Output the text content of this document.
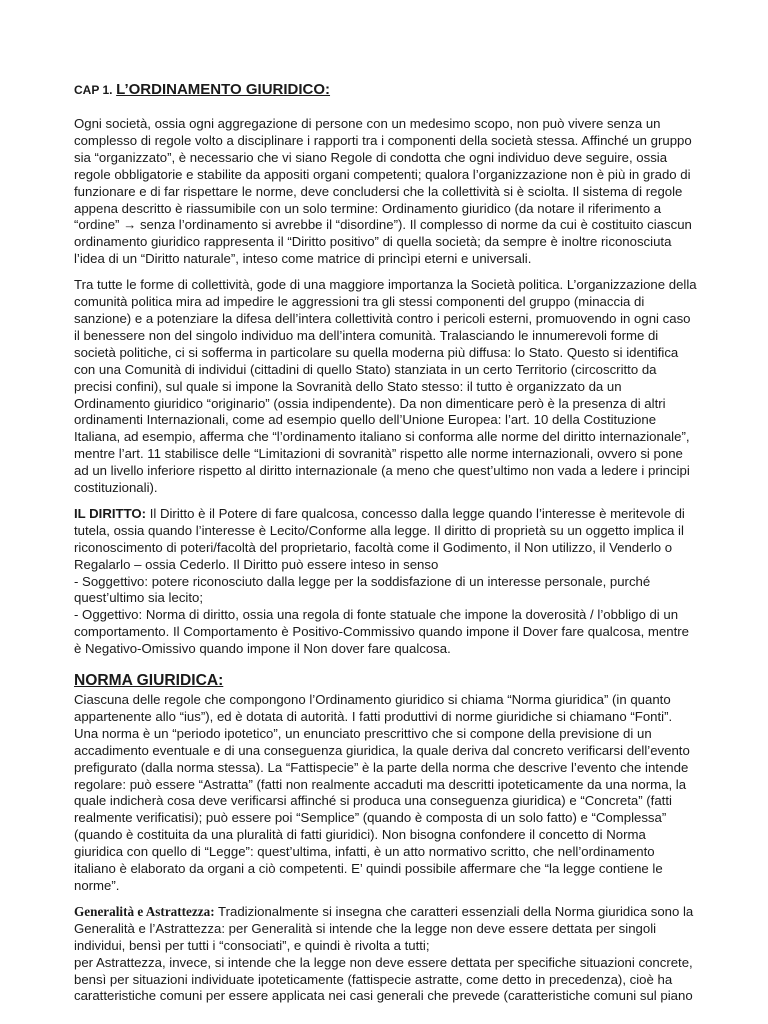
CAP 1. L’ORDINAMENTO GIURIDICO:

Ogni società, ossia ogni aggregazione di persone con un medesimo scopo, non può vivere senza un complesso di regole volto a disciplinare i rapporti tra i componenti della società stessa. Affinché un gruppo sia “organizzato”, è necessario che vi siano Regole di condotta che ogni individuo deve seguire, ossia regole obbligatorie e stabilite da appositi organi competenti; qualora l’organizzazione non è più in grado di funzionare e di far rispettare le norme, deve concludersi che la collettività si è sciolta. Il sistema di regole appena descritto è riassumibile con un solo termine: Ordinamento giuridico (da notare il riferimento a “ordine” → senza l’ordinamento si avrebbe il “disordine”). Il complesso di norme da cui è costituito ciascun ordinamento giuridico rappresenta il “Diritto positivo” di quella società; da sempre è inoltre riconosciuta l’idea di un “Diritto naturale”, inteso come matrice di princìpi eterni e universali.

Tra tutte le forme di collettività, gode di una maggiore importanza la Società politica. L’organizzazione della comunità politica mira ad impedire le aggressioni tra gli stessi componenti del gruppo (minaccia di sanzione) e a potenziare la difesa dell’intera collettività contro i pericoli esterni, promuovendo in ogni caso il benessere non del singolo individuo ma dell’intera comunità. Tralasciando le innumerevoli forme di società politiche, ci si sofferma in particolare su quella moderna più diffusa: lo Stato. Questo si identifica con una Comunità di individui (cittadini di quello Stato) stanziata in un certo Territorio (circoscritto da precisi confini), sul quale si impone la Sovranità dello Stato stesso: il tutto è organizzato da un Ordinamento giuridico “originario” (ossia indipendente). Da non dimenticare però è la presenza di altri ordinamenti Internazionali, come ad esempio quello dell’Unione Europea: l’art. 10 della Costituzione Italiana, ad esempio, afferma che “l’ordinamento italiano si conforma alle norme del diritto internazionale”, mentre l’art. 11 stabilisce delle “Limitazioni di sovranità” rispetto alle norme internazionali, ovvero si pone ad un livello inferiore rispetto al diritto internazionale (a meno che quest’ultimo non vada a ledere i principi costituzionali).

IL DIRITTO: Il Diritto è il Potere di fare qualcosa, concesso dalla legge quando l’interesse è meritevole di tutela, ossia quando l’interesse è Lecito/Conforme alla legge. Il diritto di proprietà su un oggetto implica il riconoscimento di poteri/facoltà del proprietario, facoltà come il Godimento, il Non utilizzo, il Venderlo o Regalarlo – ossia Cederlo. Il Diritto può essere inteso in senso

- Soggettivo: potere riconosciuto dalla legge per la soddisfazione di un interesse personale, purché quest’ultimo sia lecito;

- Oggettivo: Norma di diritto, ossia una regola di fonte statuale che impone la doverosità / l’obbligo di un comportamento. Il Comportamento è Positivo-Commissivo quando impone il Dover fare qualcosa, mentre è Negativo-Omissivo quando impone il Non dover fare qualcosa.

NORMA GIURIDICA:

Ciascuna delle regole che compongono l’Ordinamento giuridico si chiama “Norma giuridica” (in quanto appartenente allo “ius”), ed è dotata di autorità. I fatti produttivi di norme giuridiche si chiamano “Fonti”. Una norma è un “periodo ipotetico”, un enunciato prescrittivo che si compone della previsione di un accadimento eventuale e di una conseguenza giuridica, la quale deriva dal concreto verificarsi dell’evento prefigurato (dalla norma stessa). La “Fattispecie” è la parte della norma che descrive l’evento che intende regolare: può essere “Astratta” (fatti non realmente accaduti ma descritti ipoteticamente da una norma, la quale indicherà cosa deve verificarsi affinché si produca una conseguenza giuridica) e “Concreta” (fatti realmente verificatisi); può essere poi “Semplice” (quando è composta di un solo fatto) e “Complessa” (quando è costituita da una pluralità di fatti giuridici). Non bisogna confondere il concetto di Norma giuridica con quello di “Legge”: quest’ultima, infatti, è un atto normativo scritto, che nell’ordinamento italiano è elaborato da organi a ciò competenti. E’ quindi possibile affermare che “la legge contiene le norme”.

Generalità e Astrattezza: Tradizionalmente si insegna che caratteri essenziali della Norma giuridica sono la Generalità e l’Astrattezza: per Generalità si intende che la legge non deve essere dettata per singoli individui, bensì per tutti i “consociati”, e quindi è rivolta a tutti;

per Astrattezza, invece, si intende che la legge non deve essere dettata per specifiche situazioni concrete, bensì per situazioni individuate ipoteticamente (fattispecie astratte, come detto in precedenza), cioè ha caratteristiche comuni per essere applicata nei casi generali che prevede (caratteristiche comuni sul piano
